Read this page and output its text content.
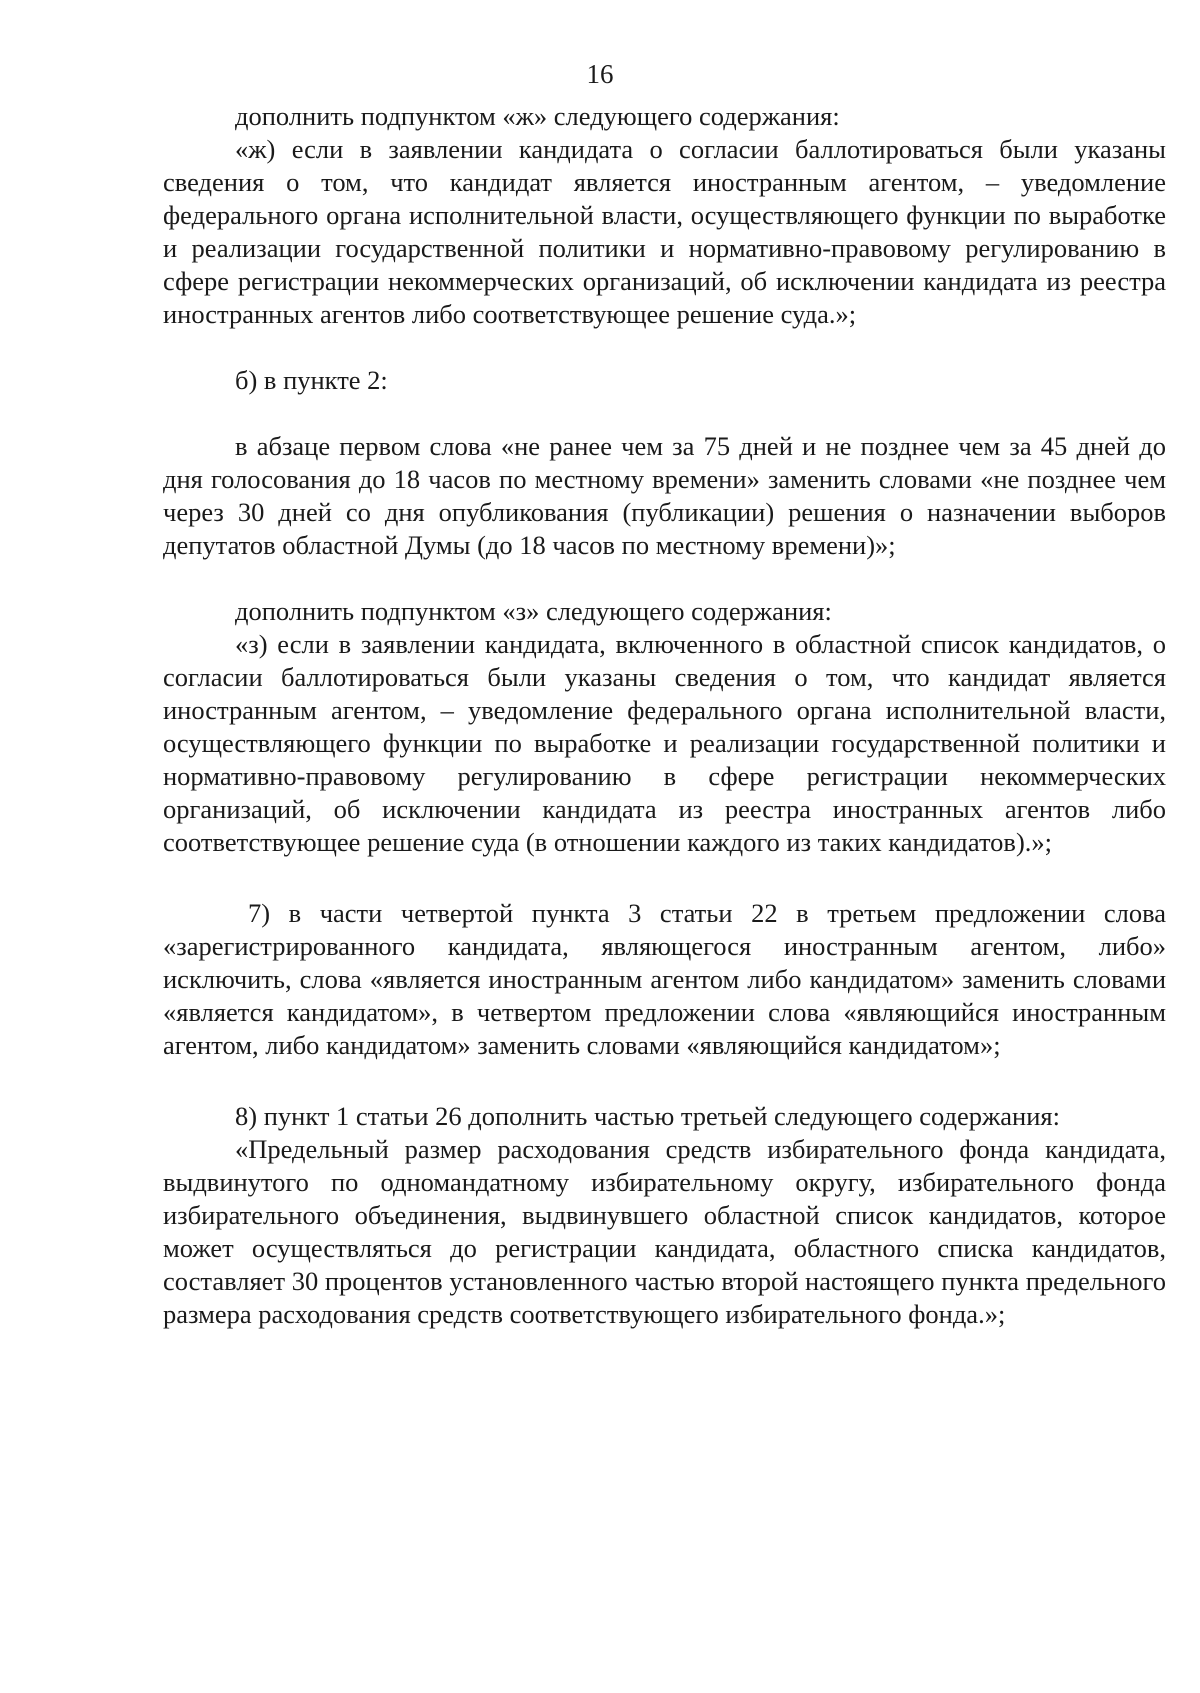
16

дополнить подпунктом «ж» следующего содержания:

«ж) если в заявлении кандидата о согласии баллотироваться были указаны сведения о том, что кандидат является иностранным агентом, – уведомление федерального органа исполнительной власти, осуществляющего функции по выработке и реализации государственной политики и нормативно-правовому регулированию в сфере регистрации некоммерческих организаций, об исключении кандидата из реестра иностранных агентов либо соответствующее решение суда.»;

б) в пункте 2:

в абзаце первом слова «не ранее чем за 75 дней и не позднее чем за 45 дней до дня голосования до 18 часов по местному времени» заменить словами «не позднее чем через 30 дней со дня опубликования (публикации) решения о назначении выборов депутатов областной Думы (до 18 часов по местному времени)»;

дополнить подпунктом «з» следующего содержания:

«з) если в заявлении кандидата, включенного в областной список кандидатов, о согласии баллотироваться были указаны сведения о том, что кандидат является иностранным агентом, – уведомление федерального органа исполнительной власти, осуществляющего функции по выработке и реализации государственной политики и нормативно-правовому регулированию в сфере регистрации некоммерческих организаций, об исключении кандидата из реестра иностранных агентов либо соответствующее решение суда (в отношении каждого из таких кандидатов).»;

7) в части четвертой пункта 3 статьи 22 в третьем предложении слова «зарегистрированного кандидата, являющегося иностранным агентом, либо» исключить, слова «является иностранным агентом либо кандидатом» заменить словами «является кандидатом», в четвертом предложении слова «являющийся иностранным агентом, либо кандидатом» заменить словами «являющийся кандидатом»;

8) пункт 1 статьи 26 дополнить частью третьей следующего содержания:

«Предельный размер расходования средств избирательного фонда кандидата, выдвинутого по одномандатному избирательному округу, избирательного фонда избирательного объединения, выдвинувшего областной список кандидатов, которое может осуществляться до регистрации кандидата, областного списка кандидатов, составляет 30 процентов установленного частью второй настоящего пункта предельного размера расходования средств соответствующего избирательного фонда.»;
